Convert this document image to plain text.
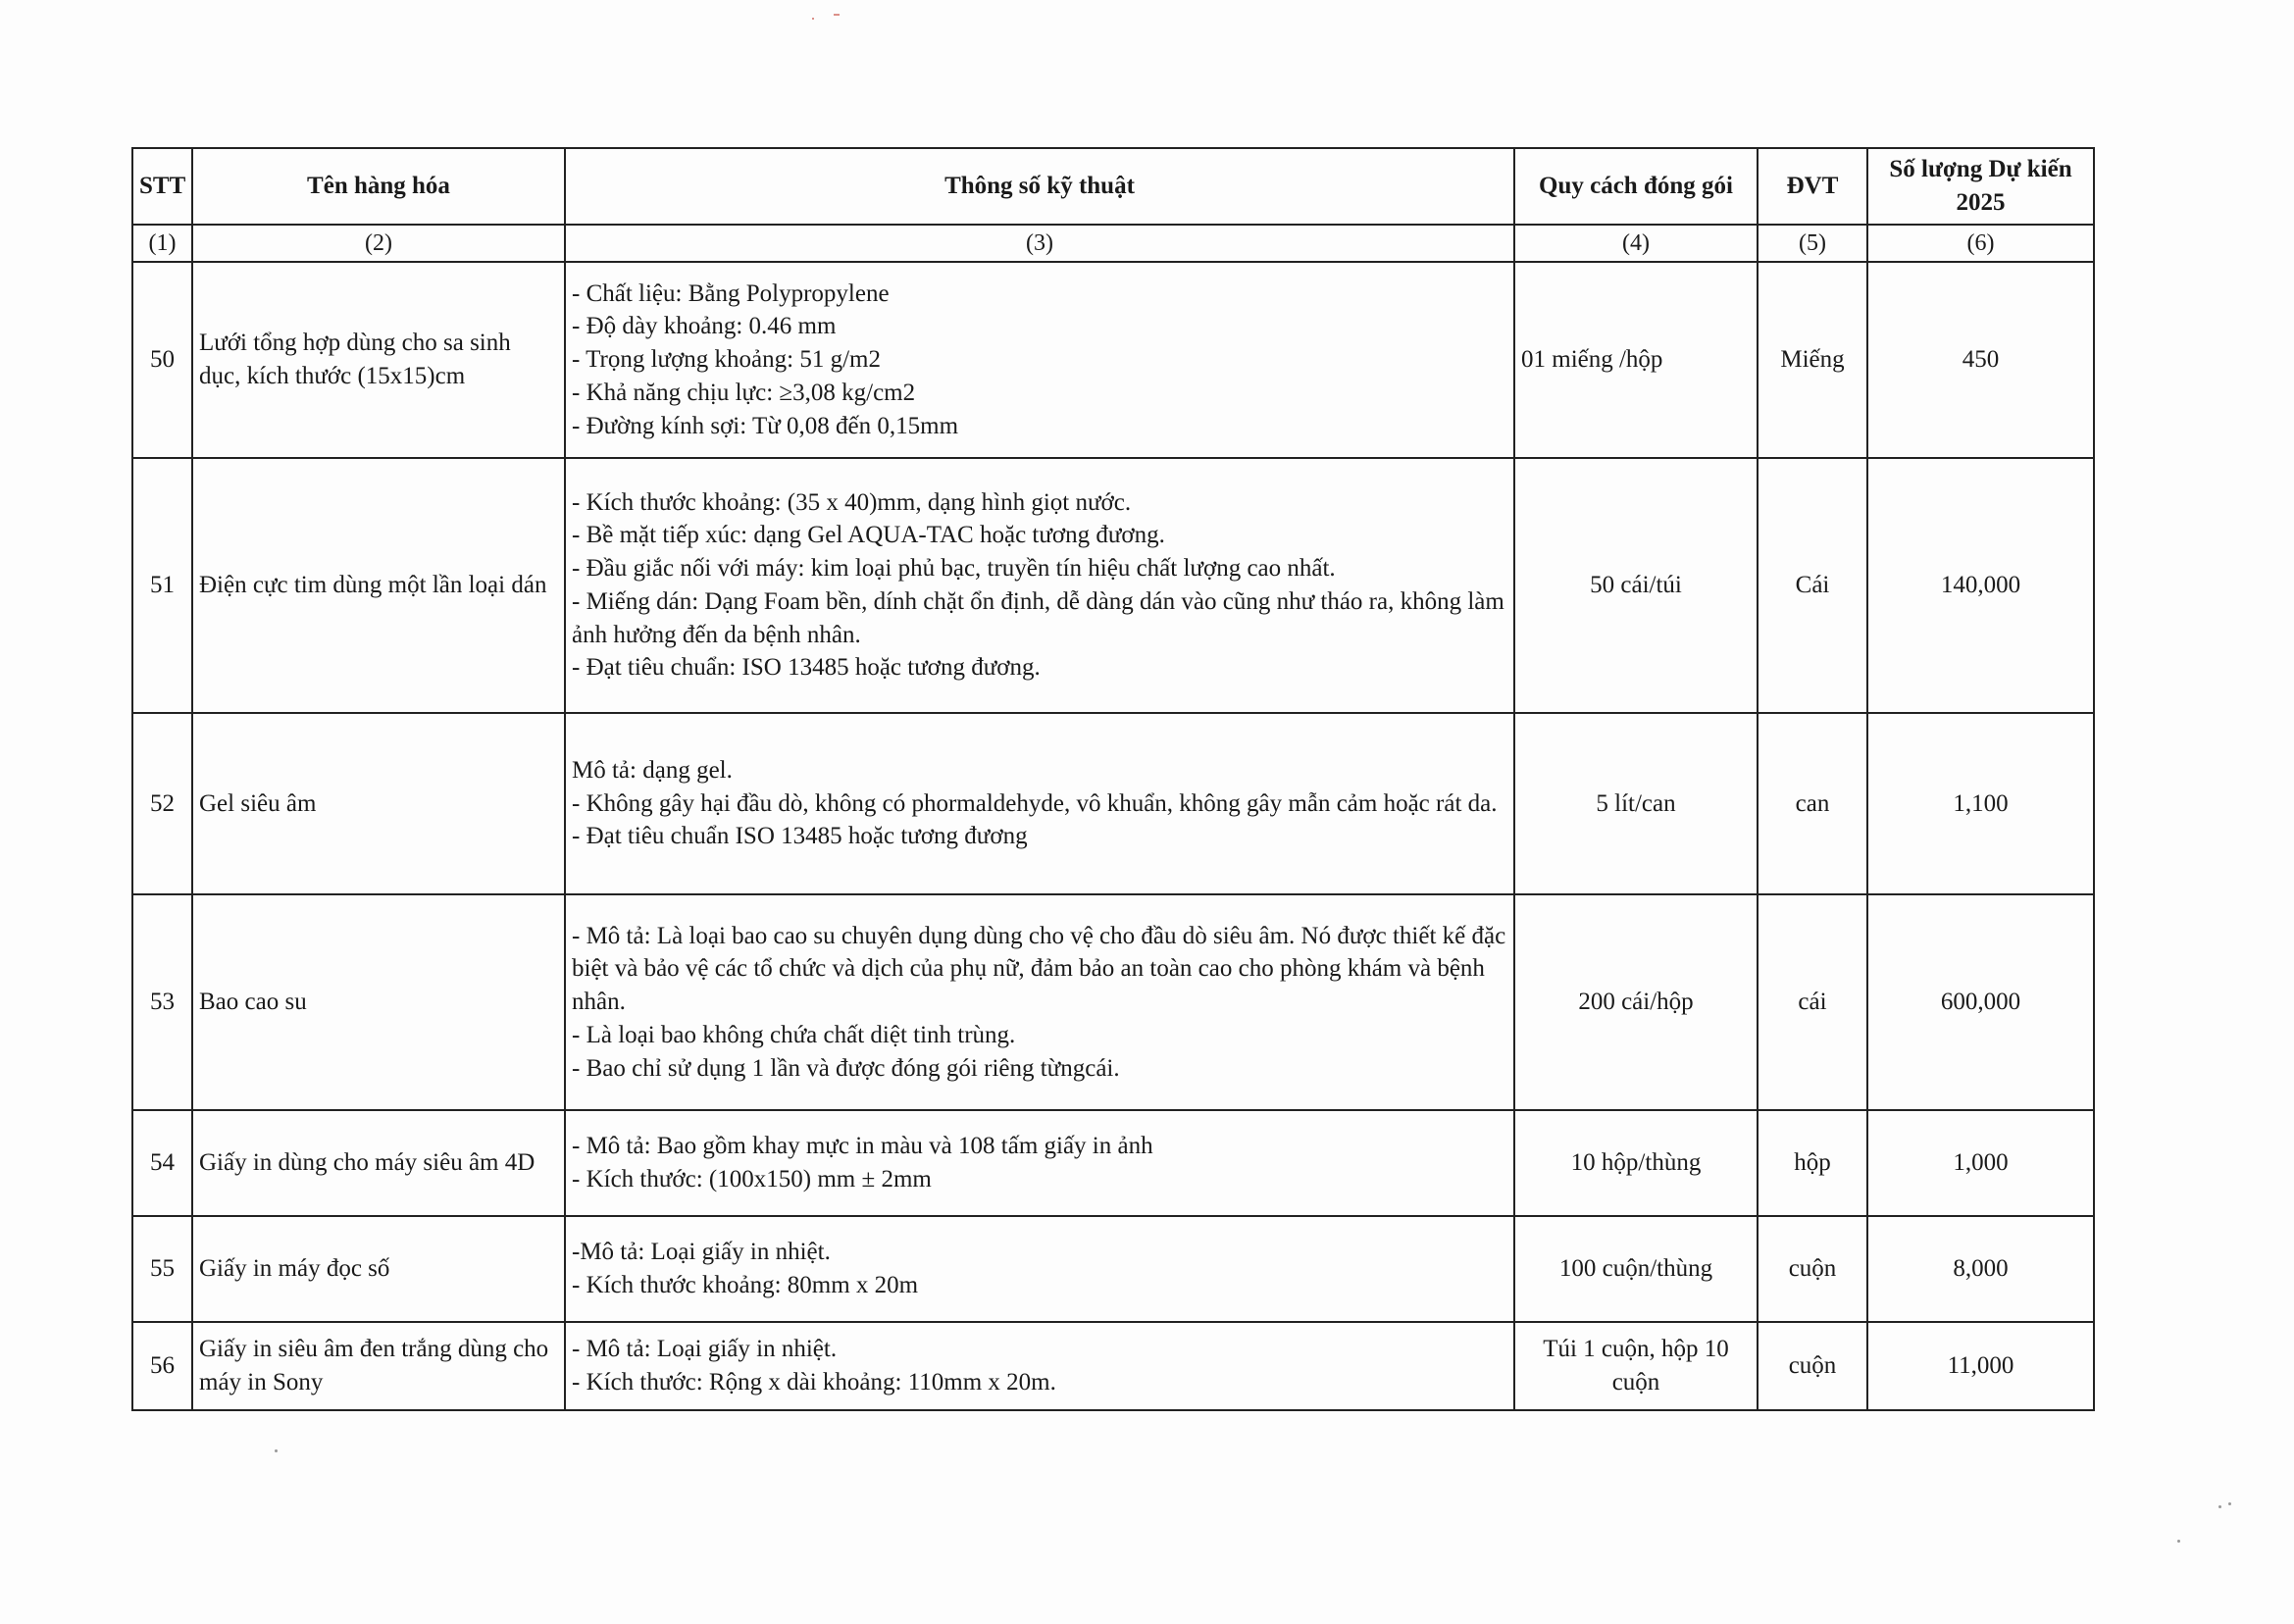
STT	Tên hàng hóa	Thông số kỹ thuật	Quy cách đóng gói	ĐVT	Số lượng Dự kiến 2025
(1)	(2)	(3)	(4)	(5)	(6)
50	Lưới tổng hợp dùng cho sa sinh dục, kích thước (15x15)cm	- Chất liệu: Bằng Polypropylene
- Độ dày khoảng: 0.46 mm
- Trọng lượng khoảng: 51 g/m2
- Khả năng chịu lực: ≥3,08 kg/cm2
- Đường kính sợi: Từ 0,08 đến 0,15mm	01 miếng /hộp	Miếng	450
51	Điện cực tim dùng một lần loại dán	- Kích thước khoảng: (35 x 40)mm, dạng hình giọt nước.
- Bề mặt tiếp xúc: dạng Gel AQUA-TAC hoặc tương đương.
- Đầu giắc nối với máy: kim loại phủ bạc, truyền tín hiệu chất lượng cao nhất.
- Miếng dán: Dạng Foam bền, dính chặt ổn định, dễ dàng dán vào cũng như tháo ra, không làm ảnh hưởng đến da bệnh nhân.
- Đạt tiêu chuẩn: ISO 13485 hoặc tương đương.	50 cái/túi	Cái	140,000
52	Gel siêu âm	Mô tả: dạng gel.
- Không gây hại đầu dò, không có phormaldehyde, vô khuẩn, không gây mẫn cảm hoặc rát da.
- Đạt tiêu chuẩn ISO 13485 hoặc tương đương	5 lít/can	can	1,100
53	Bao cao su	- Mô tả: Là loại bao cao su chuyên dụng dùng cho vệ cho đầu dò siêu âm. Nó được thiết kế đặc biệt và bảo vệ các tổ chức và dịch của phụ nữ, đảm bảo an toàn cao cho phòng khám và bệnh nhân.
- Là loại bao không chứa chất diệt tinh trùng.
- Bao chỉ sử dụng 1 lần và được đóng gói riêng từngcái.	200 cái/hộp	cái	600,000
54	Giấy in dùng cho máy siêu âm 4D	- Mô tả: Bao gồm khay mực in màu và 108 tấm giấy in ảnh
- Kích thước: (100x150) mm ± 2mm	10 hộp/thùng	hộp	1,000
55	Giấy in máy đọc số	-Mô tả: Loại giấy in nhiệt.
- Kích thước khoảng: 80mm x 20m	100 cuộn/thùng	cuộn	8,000
56	Giấy in siêu âm đen trắng dùng cho máy in Sony	- Mô tả: Loại giấy in nhiệt.
- Kích thước: Rộng x dài khoảng: 110mm x 20m.	Túi 1 cuộn, hộp 10 cuộn	cuộn	11,000
